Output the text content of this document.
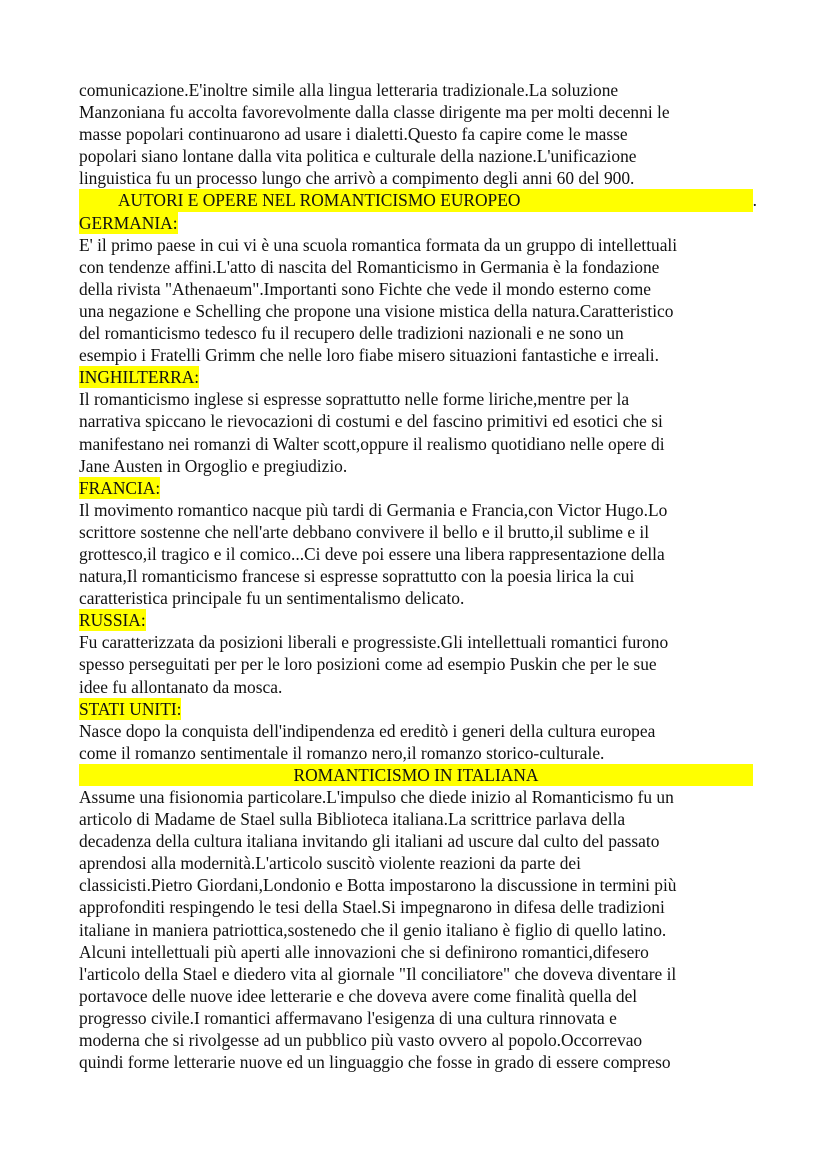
comunicazione.E'inoltre simile alla lingua letteraria tradizionale.La soluzione
Manzoniana fu accolta favorevolmente dalla classe dirigente ma per molti decenni le
masse popolari continuarono ad usare i dialetti.Questo fa capire come le masse
popolari siano lontane dalla vita politica e culturale della nazione.L'unificazione
linguistica fu un processo lungo che arrivò a compimento degli anni 60 del 900.
AUTORI E OPERE NEL ROMANTICISMO EUROPEO	.
GERMANIA:
E' il primo paese in cui vi è una scuola romantica formata da un gruppo di intellettuali
con tendenze affini.L'atto di nascita del Romanticismo in Germania è la fondazione
della rivista "Athenaeum".Importanti sono Fichte che vede il mondo esterno come
una negazione e Schelling che propone una visione mistica della natura.Caratteristico
del romanticismo tedesco fu il recupero delle tradizioni nazionali e ne sono un
esempio i Fratelli Grimm che nelle loro fiabe misero situazioni fantastiche e irreali.
INGHILTERRA:
Il romanticismo inglese si espresse soprattutto nelle forme liriche,mentre per la
narrativa spiccano le rievocazioni di costumi e del fascino primitivi ed esotici che si
manifestano nei romanzi di Walter scott,oppure il realismo quotidiano nelle opere di
Jane Austen in Orgoglio e pregiudizio.
FRANCIA:
Il movimento romantico nacque più tardi di Germania e Francia,con Victor Hugo.Lo
scrittore sostenne che nell'arte debbano convivere il bello e il brutto,il sublime e il
grottesco,il tragico e il comico...Ci deve poi essere una libera rappresentazione della
natura,Il romanticismo francese si espresse soprattutto con la poesia lirica la cui
caratteristica principale fu un sentimentalismo delicato.
RUSSIA:
Fu caratterizzata da posizioni liberali e progressiste.Gli intellettuali romantici furono
spesso perseguitati per per le loro posizioni come ad esempio Puskin che per le sue
idee fu allontanato da mosca.
STATI UNITI:
Nasce dopo la conquista dell'indipendenza ed ereditò i generi della cultura europea
come il romanzo sentimentale il romanzo nero,il romanzo storico-culturale.
ROMANTICISMO IN ITALIANA
Assume una fisionomia particolare.L'impulso che diede inizio al Romanticismo fu un
articolo di Madame de Stael sulla Biblioteca italiana.La scrittrice parlava della
decadenza della cultura italiana invitando gli italiani ad uscure dal culto del passato
aprendosi alla modernità.L'articolo suscitò violente reazioni da parte dei
classicisti.Pietro Giordani,Londonio e Botta impostarono la discussione in termini più
approfonditi respingendo le tesi della Stael.Si impegnarono in difesa delle tradizioni
italiane in maniera patriottica,sostenedo che il genio italiano è figlio di quello latino.
Alcuni intellettuali più aperti alle innovazioni che si definirono romantici,difesero
l'articolo della Stael e diedero vita al giornale "Il conciliatore" che doveva diventare il
portavoce delle nuove idee letterarie e che doveva avere come finalità quella del
progresso civile.I romantici affermavano l'esigenza di una cultura rinnovata e
moderna che si rivolgesse ad un pubblico più vasto ovvero al popolo.Occorrevao
quindi forme letterarie nuove ed un linguaggio che fosse in grado di essere compreso
